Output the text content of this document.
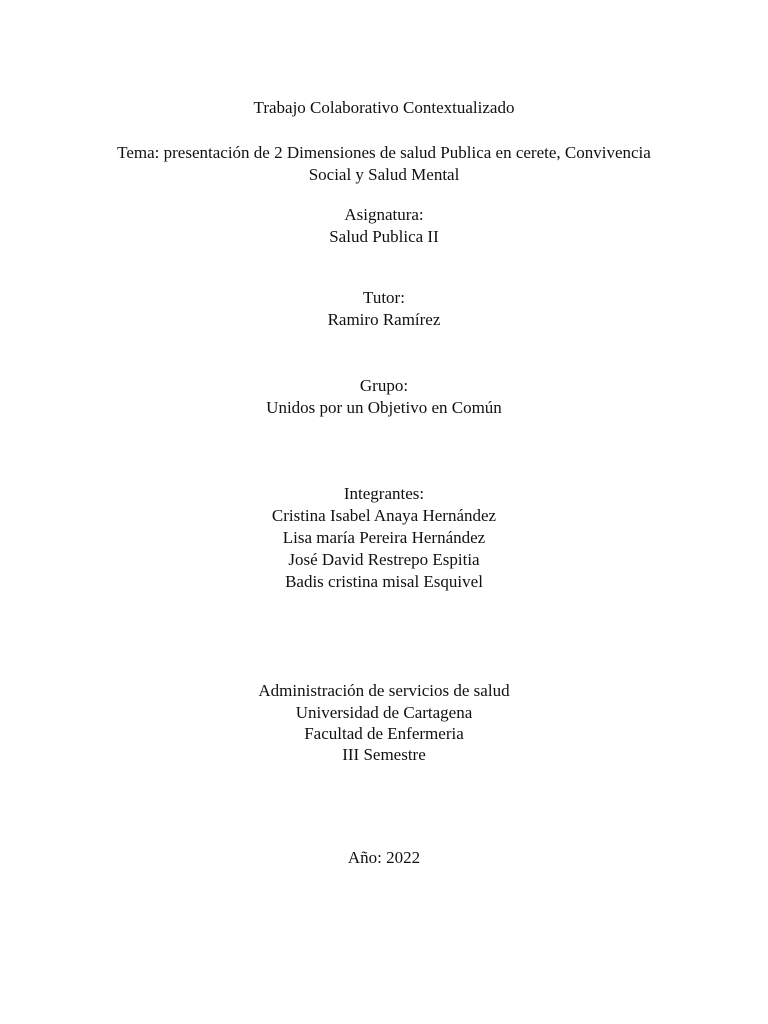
Trabajo Colaborativo Contextualizado
Tema: presentación de 2 Dimensiones de salud Publica en cerete, Convivencia
Social y Salud Mental
Asignatura:
Salud Publica II
Tutor:
Ramiro Ramírez
Grupo:
Unidos por un Objetivo en Común
Integrantes:
Cristina Isabel Anaya Hernández
Lisa maría Pereira Hernández
José David Restrepo Espitia
Badis cristina misal Esquivel
Administración de servicios de salud
Universidad de Cartagena
Facultad de Enfermeria
III Semestre
Año: 2022
